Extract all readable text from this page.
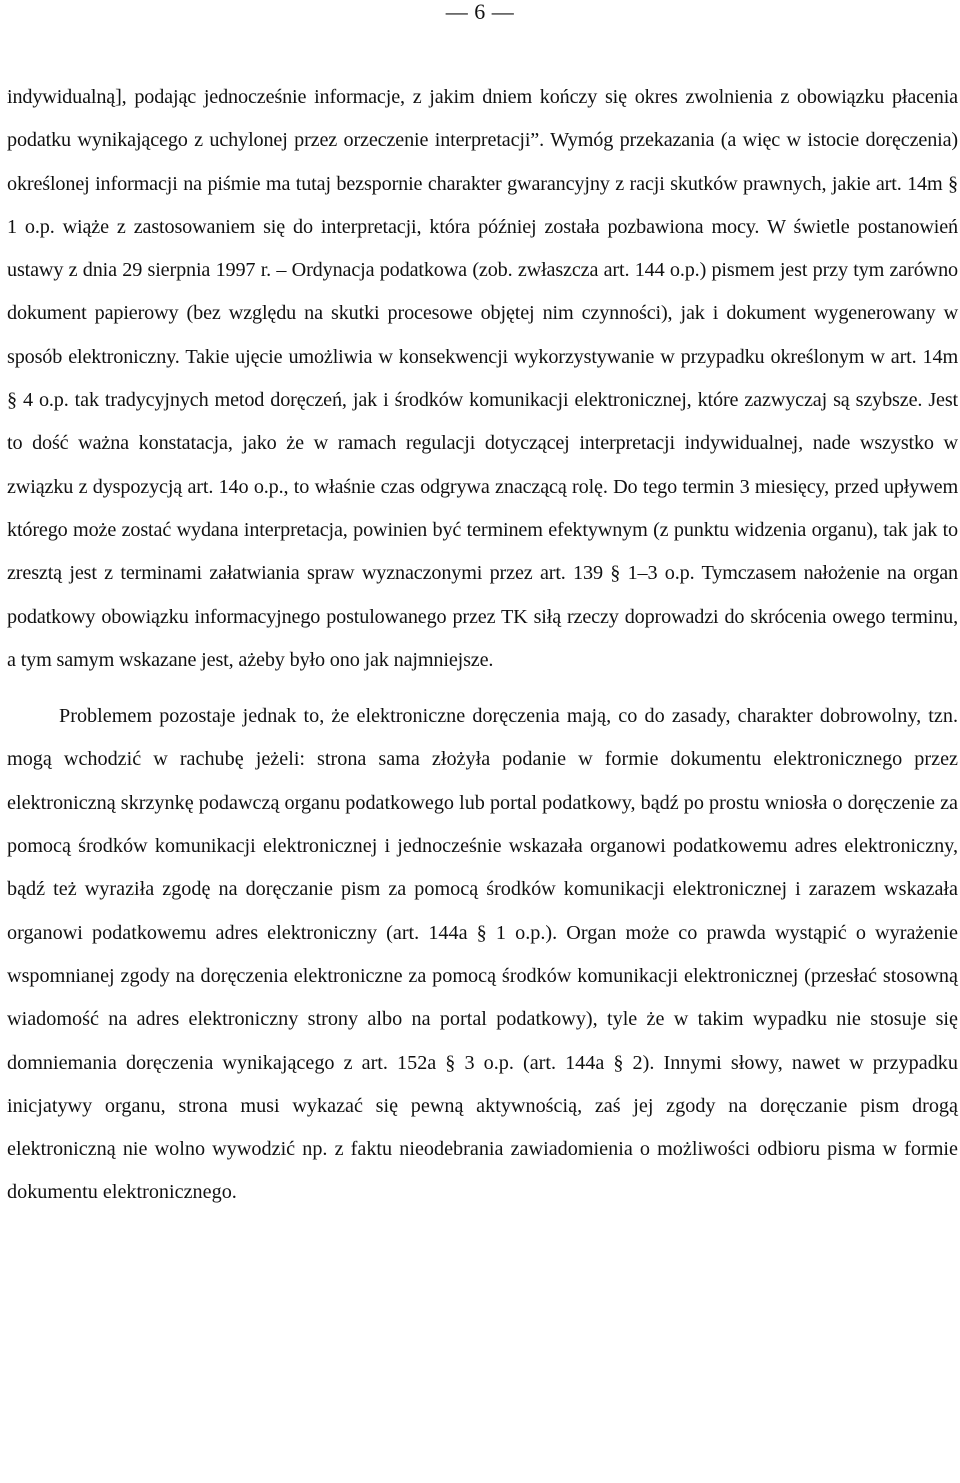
— 6 —

indywidualną], podając jednocześnie informacje, z jakim dniem kończy się okres zwolnienia z obowiązku płacenia podatku wynikającego z uchylonej przez orzeczenie interpretacji”. Wymóg przekazania (a więc w istocie doręczenia) określonej informacji na piśmie ma tutaj bezspornie charakter gwarancyjny z racji skutków prawnych, jakie art. 14m § 1 o.p. wiąże z zastosowaniem się do interpretacji, która później została pozbawiona mocy. W świetle postanowień ustawy z dnia 29 sierpnia 1997 r. – Ordynacja podatkowa (zob. zwłaszcza art. 144 o.p.) pismem jest przy tym zarówno dokument papierowy (bez względu na skutki procesowe objętej nim czynności), jak i dokument wygenerowany w sposób elektroniczny. Takie ujęcie umożliwia w konsekwencji wykorzystywanie w przypadku określonym w art. 14m § 4 o.p. tak tradycyjnych metod doręczeń, jak i środków komunikacji elektronicznej, które zazwyczaj są szybsze. Jest to dość ważna konstatacja, jako że w ramach regulacji dotyczącej interpretacji indywidualnej, nade wszystko w związku z dyspozycją art. 14o o.p., to właśnie czas odgrywa znaczącą rolę. Do tego termin 3 miesięcy, przed upływem którego może zostać wydana interpretacja, powinien być terminem efektywnym (z punktu widzenia organu), tak jak to zresztą jest z terminami załatwiania spraw wyznaczonymi przez art. 139 § 1–3 o.p. Tymczasem nałożenie na organ podatkowy obowiązku informacyjnego postulowanego przez TK siłą rzeczy doprowadzi do skrócenia owego terminu, a tym samym wskazane jest, ażeby było ono jak najmniejsze.

Problemem pozostaje jednak to, że elektroniczne doręczenia mają, co do zasady, charakter dobrowolny, tzn. mogą wchodzić w rachubę jeżeli: strona sama złożyła podanie w formie dokumentu elektronicznego przez elektroniczną skrzynkę podawczą organu podatkowego lub portal podatkowy, bądź po prostu wniosła o doręczenie za pomocą środków komunikacji elektronicznej i jednocześnie wskazała organowi podatkowemu adres elektroniczny, bądź też wyraziła zgodę na doręczanie pism za pomocą środków komunikacji elektronicznej i zarazem wskazała organowi podatkowemu adres elektroniczny (art. 144a § 1 o.p.). Organ może co prawda wystąpić o wyrażenie wspomnianej zgody na doręczenia elektroniczne za pomocą środków komunikacji elektronicznej (przesłać stosowną wiadomość na adres elektroniczny strony albo na portal podatkowy), tyle że w takim wypadku nie stosuje się domniemania doręczenia wynikającego z art. 152a § 3 o.p. (art. 144a § 2). Innymi słowy, nawet w przypadku inicjatywy organu, strona musi wykazać się pewną aktywnością, zaś jej zgody na doręczanie pism drogą elektroniczną nie wolno wywodzić np. z faktu nieodebrania zawiadomienia o możliwości odbioru pisma w formie dokumentu elektronicznego.
